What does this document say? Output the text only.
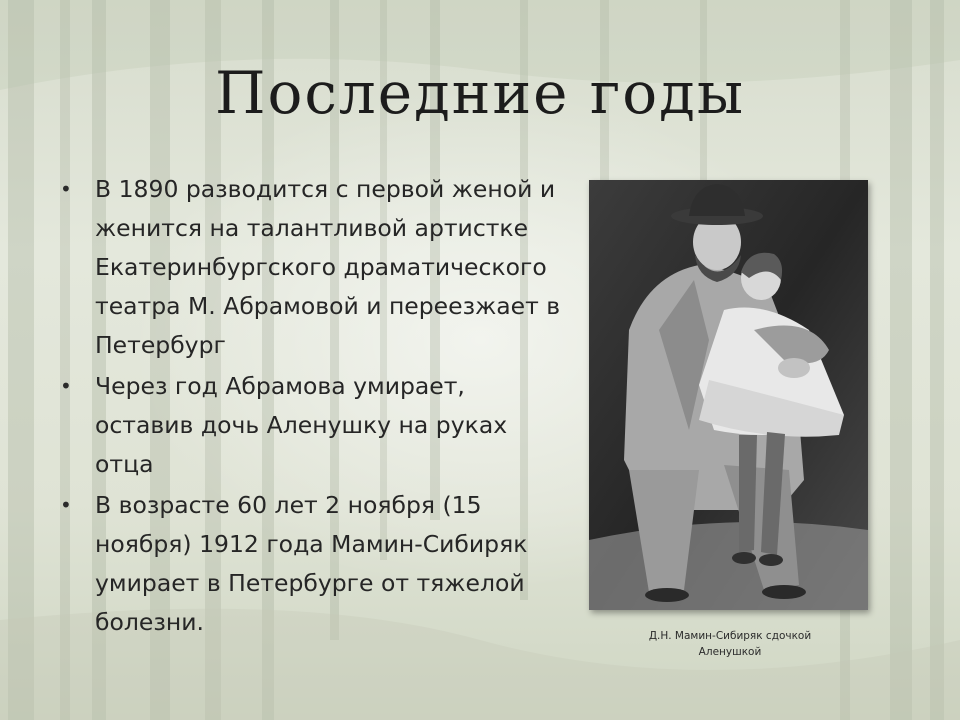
Последние годы
• В 1890 разводится с первой женой и женится на талантливой артистке Екатеринбургского драматического театра М. Абрамовой и переезжает в Петербург
• Через год Абрамова умирает, оставив дочь Аленушку на руках отца
• В возрасте 60 лет 2 ноября (15 ноября) 1912 года Мамин-Сибиряк умирает в Петербурге от тяжелой болезни.	Д.Н. Мамин-Сибиряк сдочкой
Аленушкой
